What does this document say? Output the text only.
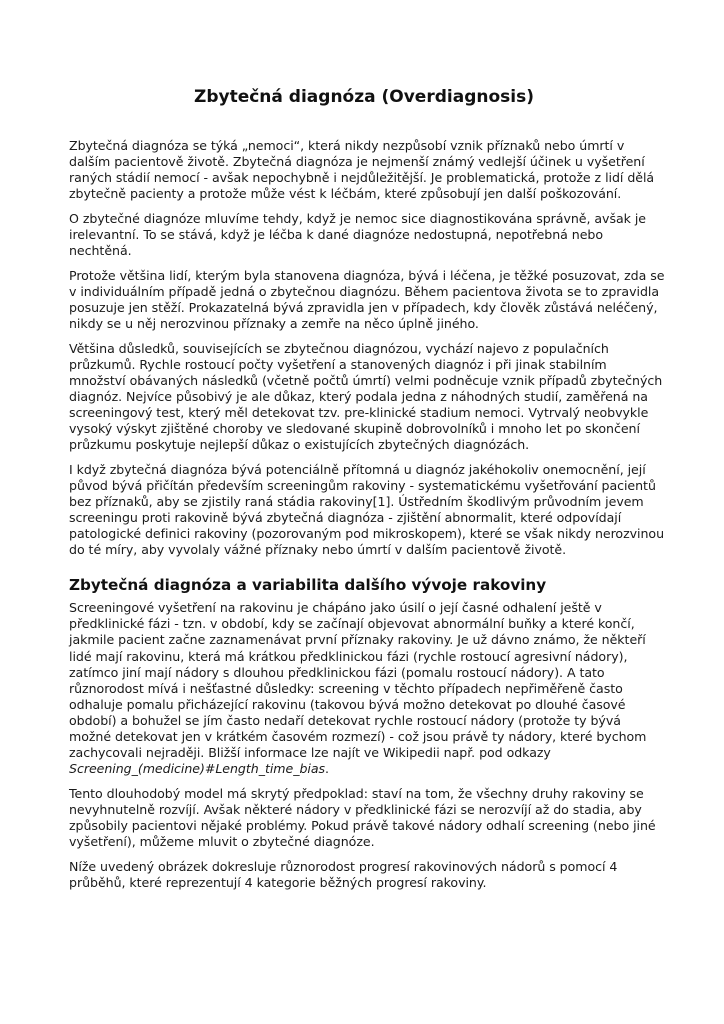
Zbytečná diagnóza (Overdiagnosis)

Zbytečná diagnóza se týká „nemoci“, která nikdy nezpůsobí vznik příznaků nebo úmrtí v dalším pacientově životě. Zbytečná diagnóza je nejmenší známý vedlejší účinek u vyšetření raných stádií nemocí - avšak nepochybně i nejdůležitější. Je problematická, protože z lidí dělá zbytečně pacienty a protože může vést k léčbám, které způsobují jen další poškozování.

O zbytečné diagnóze mluvíme tehdy, když je nemoc sice diagnostikována správně, avšak je irelevantní. To se stává, když je léčba k dané diagnóze nedostupná, nepotřebná nebo nechtěná.

Protože většina lidí, kterým byla stanovena diagnóza, bývá i léčena, je těžké posuzovat, zda se v individuálním případě jedná o zbytečnou diagnózu. Během pacientova života se to zpravidla posuzuje jen stěží. Prokazatelná bývá zpravidla jen v případech, kdy člověk zůstává neléčený, nikdy se u něj nerozvinou příznaky a zemře na něco úplně jiného.

Většina důsledků, souvisejících se zbytečnou diagnózou, vychází najevo z populačních průzkumů. Rychle rostoucí počty vyšetření a stanovených diagnóz i při jinak stabilním množství obávaných následků (včetně počtů úmrtí) velmi podněcuje vznik případů zbytečných diagnóz. Nejvíce působivý je ale důkaz, který podala jedna z náhodných studií, zaměřená na screeningový test, který měl detekovat tzv. pre-klinické stadium nemoci. Vytrvalý neobvykle vysoký výskyt zjištěné choroby ve sledované skupině dobrovolníků i mnoho let po skončení průzkumu poskytuje nejlepší důkaz o existujících zbytečných diagnózách.

I když zbytečná diagnóza bývá potenciálně přítomná u diagnóz jakéhokoliv onemocnění, její původ bývá přičítán především screeningům rakoviny - systematickému vyšetřování pacientů bez příznaků, aby se zjistily raná stádia rakoviny[1]. Ústředním škodlivým průvodním jevem screeningu proti rakovině bývá zbytečná diagnóza - zjištění abnormalit, které odpovídají patologické definici rakoviny (pozorovaným pod mikroskopem), které se však nikdy nerozvinou do té míry, aby vyvolaly vážné příznaky nebo úmrtí v dalším pacientově životě.

Zbytečná diagnóza a variabilita dalšího vývoje rakoviny

Screeningové vyšetření na rakovinu je chápáno jako úsilí o její časné odhalení ještě v předklinické fázi - tzn. v období, kdy se začínají objevovat abnormální buňky a které končí, jakmile pacient začne zaznamenávat první příznaky rakoviny. Je už dávno známo, že někteří lidé mají rakovinu, která má krátkou předklinickou fázi (rychle rostoucí agresivní nádory), zatímco jiní mají nádory s dlouhou předklinickou fázi (pomalu rostoucí nádory). A tato různorodost mívá i nešťastné důsledky: screening v těchto případech nepřiměřeně často odhaluje pomalu přicházející rakovinu (takovou bývá možno detekovat po dlouhé časové období) a bohužel se jím často nedaří detekovat rychle rostoucí nádory (protože ty bývá možné detekovat jen v krátkém časovém rozmezí) - což jsou právě ty nádory, které bychom zachycovali nejraději. Bližší informace lze najít ve Wikipedii např. pod odkazy Screening_(medicine)#Length_time_bias.

Tento dlouhodobý model má skrytý předpoklad: staví na tom, že všechny druhy rakoviny se nevyhnutelně rozvíjí. Avšak některé nádory v předklinické fázi se nerozvíjí až do stadia, aby způsobily pacientovi nějaké problémy. Pokud právě takové nádory odhalí screening (nebo jiné vyšetření), můžeme mluvit o zbytečné diagnóze.

Níže uvedený obrázek dokresluje různorodost progresí rakovinových nádorů s pomocí 4 průběhů, které reprezentují 4 kategorie běžných progresí rakoviny.
